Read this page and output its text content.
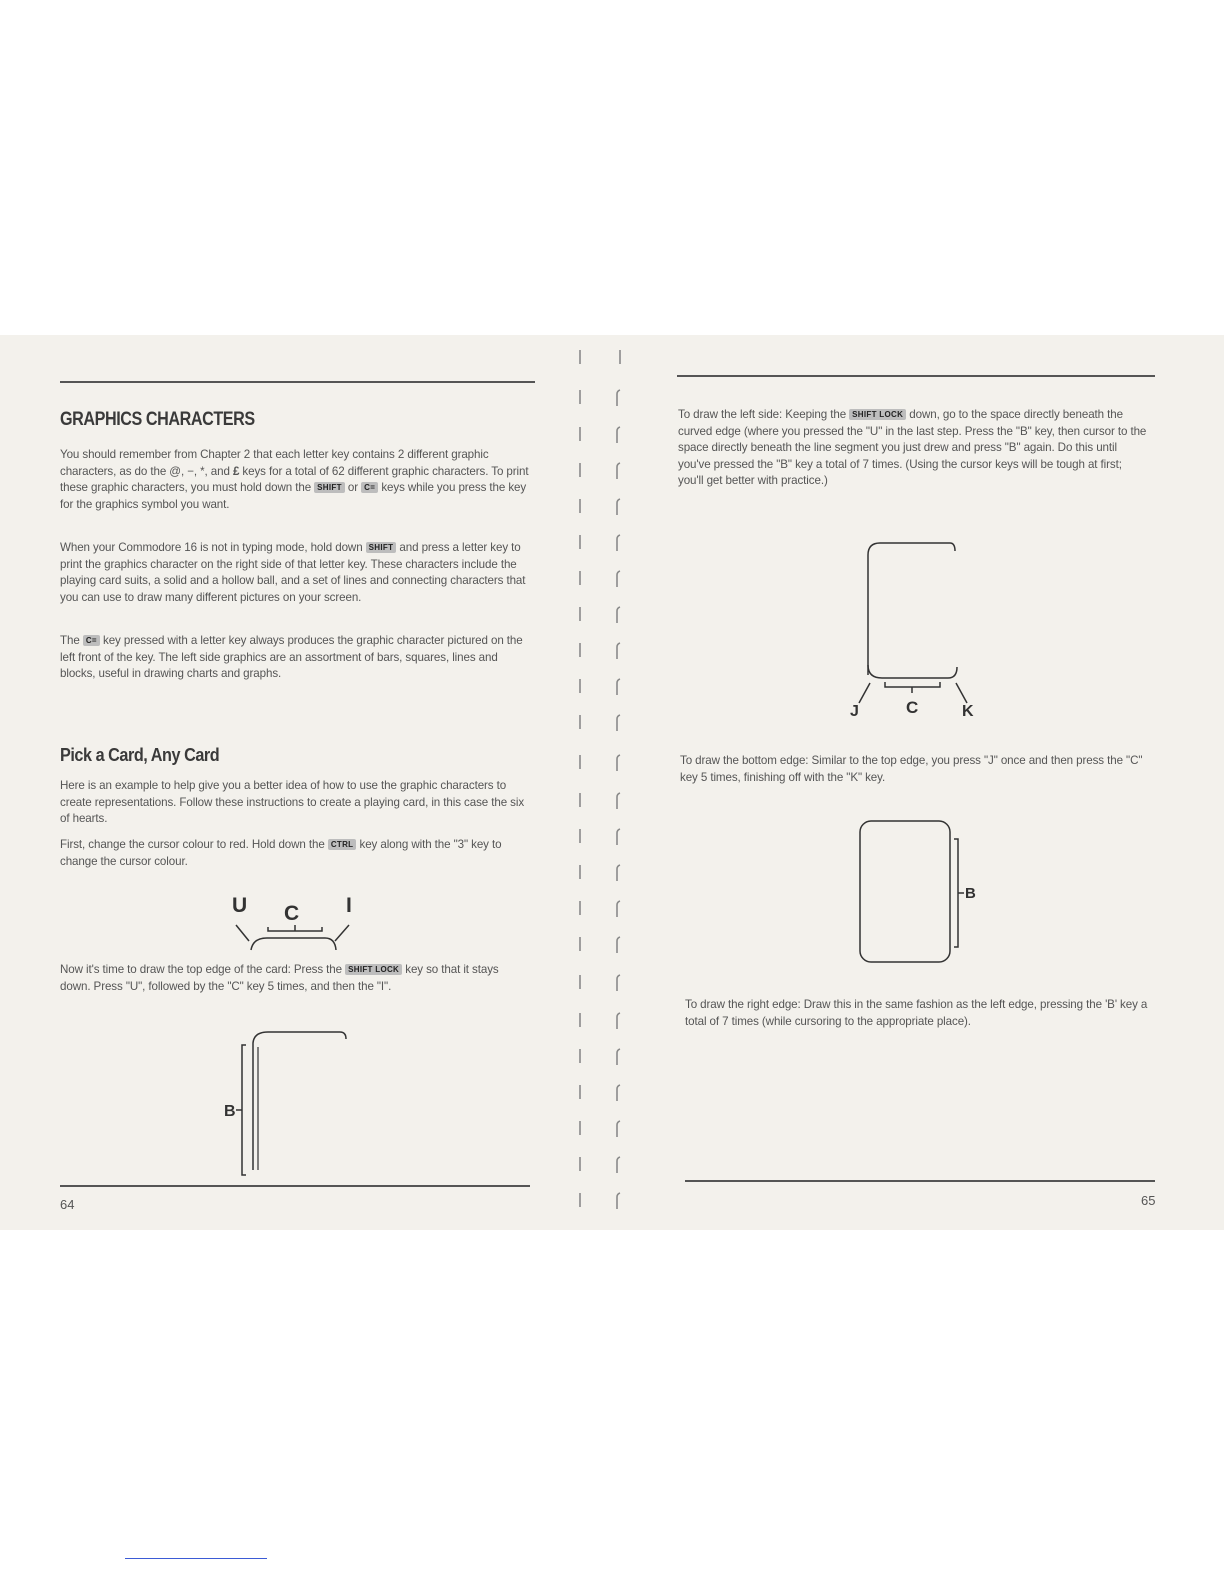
GRAPHICS CHARACTERS

You should remember from Chapter 2 that each letter key contains 2 different graphic characters, as do the @, −, *, and £ keys for a total of 62 different graphic characters. To print these graphic characters, you must hold down the SHIFT or C= keys while you press the key for the graphics symbol you want.

When your Commodore 16 is not in typing mode, hold down SHIFT and press a letter key to print the graphics character on the right side of that letter key. These characters include the playing card suits, a solid and a hollow ball, and a set of lines and connecting characters that you can use to draw many different pictures on your screen.

The C= key pressed with a letter key always produces the graphic character pictured on the left front of the key. The left side graphics are an assortment of bars, squares, lines and blocks, useful in drawing charts and graphs.

Pick a Card, Any Card

Here is an example to help give you a better idea of how to use the graphic characters to create representations. Follow these instructions to create a playing card, in this case the six of hearts.

First, change the cursor colour to red. Hold down the CTRL key along with the "3" key to change the cursor colour.

U C I

Now it's time to draw the top edge of the card: Press the SHIFT LOCK key so that it stays down. Press "U", followed by the "C" key 5 times, and then the "I".

B
64

To draw the left side: Keeping the SHIFT LOCK down, go to the space directly beneath the curved edge (where you pressed the "U" in the last step. Press the "B" key, then cursor to the space directly beneath the line segment you just drew and press "B" again. Do this until you've pressed the "B" key a total of 7 times. (Using the cursor keys will be tough at first; you'll get better with practice.)

J	C	K

To draw the bottom edge: Similar to the top edge, you press "J" once and then press the "C" key 5 times, finishing off with the "K" key.

B

To draw the right edge: Draw this in the same fashion as the left edge, pressing the 'B' key a total of 7 times (while cursoring to the appropriate place).

65
